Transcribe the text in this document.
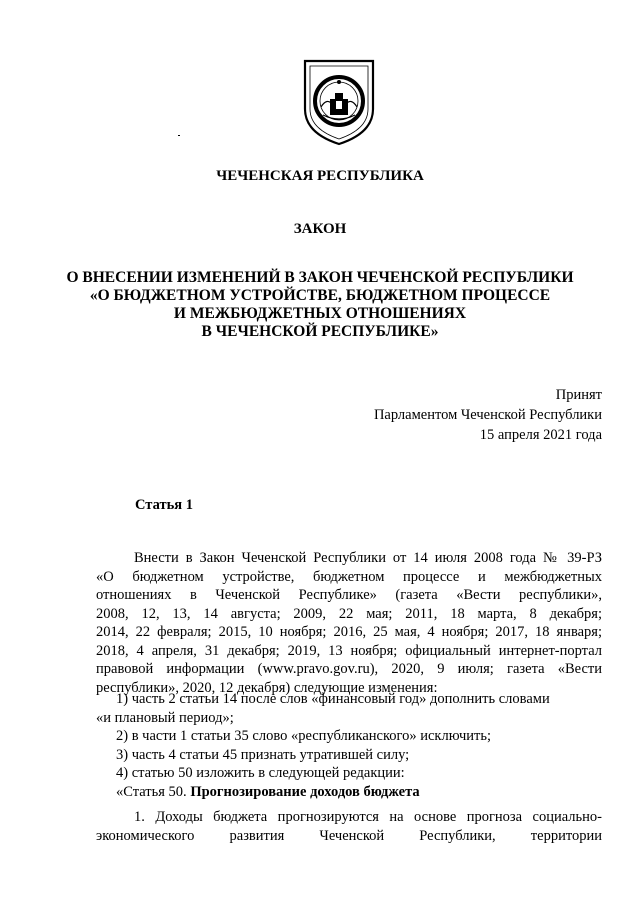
ЧЕЧЕНСКАЯ РЕСПУБЛИКА
ЗАКОН
О ВНЕСЕНИИ ИЗМЕНЕНИЙ В ЗАКОН ЧЕЧЕНСКОЙ РЕСПУБЛИКИ
«О БЮДЖЕТНОМ УСТРОЙСТВЕ, БЮДЖЕТНОМ ПРОЦЕССЕ
И МЕЖБЮДЖЕТНЫХ ОТНОШЕНИЯХ
В ЧЕЧЕНСКОЙ РЕСПУБЛИКЕ»
Принят
Парламентом Чеченской Республики
15 апреля 2021 года
Статья 1
Внести в Закон Чеченской Республики от 14 июля 2008 года № 39-РЗ
«О бюджетном устройстве, бюджетном процессе и межбюджетных
отношениях в Чеченской Республике» (газета «Вести республики»,
2008, 12, 13, 14 августа; 2009, 22 мая; 2011, 18 марта, 8 декабря;
2014, 22 февраля; 2015, 10 ноября; 2016, 25 мая, 4 ноября; 2017, 18 января;
2018, 4 апреля, 31 декабря; 2019, 13 ноября; официальный интернет-портал
правовой информации (www.pravo.gov.ru), 2020, 9 июля; газета «Вести
республики», 2020, 12 декабря) следующие изменения:
1) часть 2 статьи 14 после слов «финансовый год» дополнить словами
«и плановый период»;
2) в части 1 статьи 35 слово «республиканского» исключить;
3) часть 4 статьи 45 признать утратившей силу;
4) статью 50 изложить в следующей редакции:
«Статья 50. Прогнозирование доходов бюджета
1. Доходы бюджета прогнозируются на основе прогноза социально-
экономического развития Чеченской Республики, территории
